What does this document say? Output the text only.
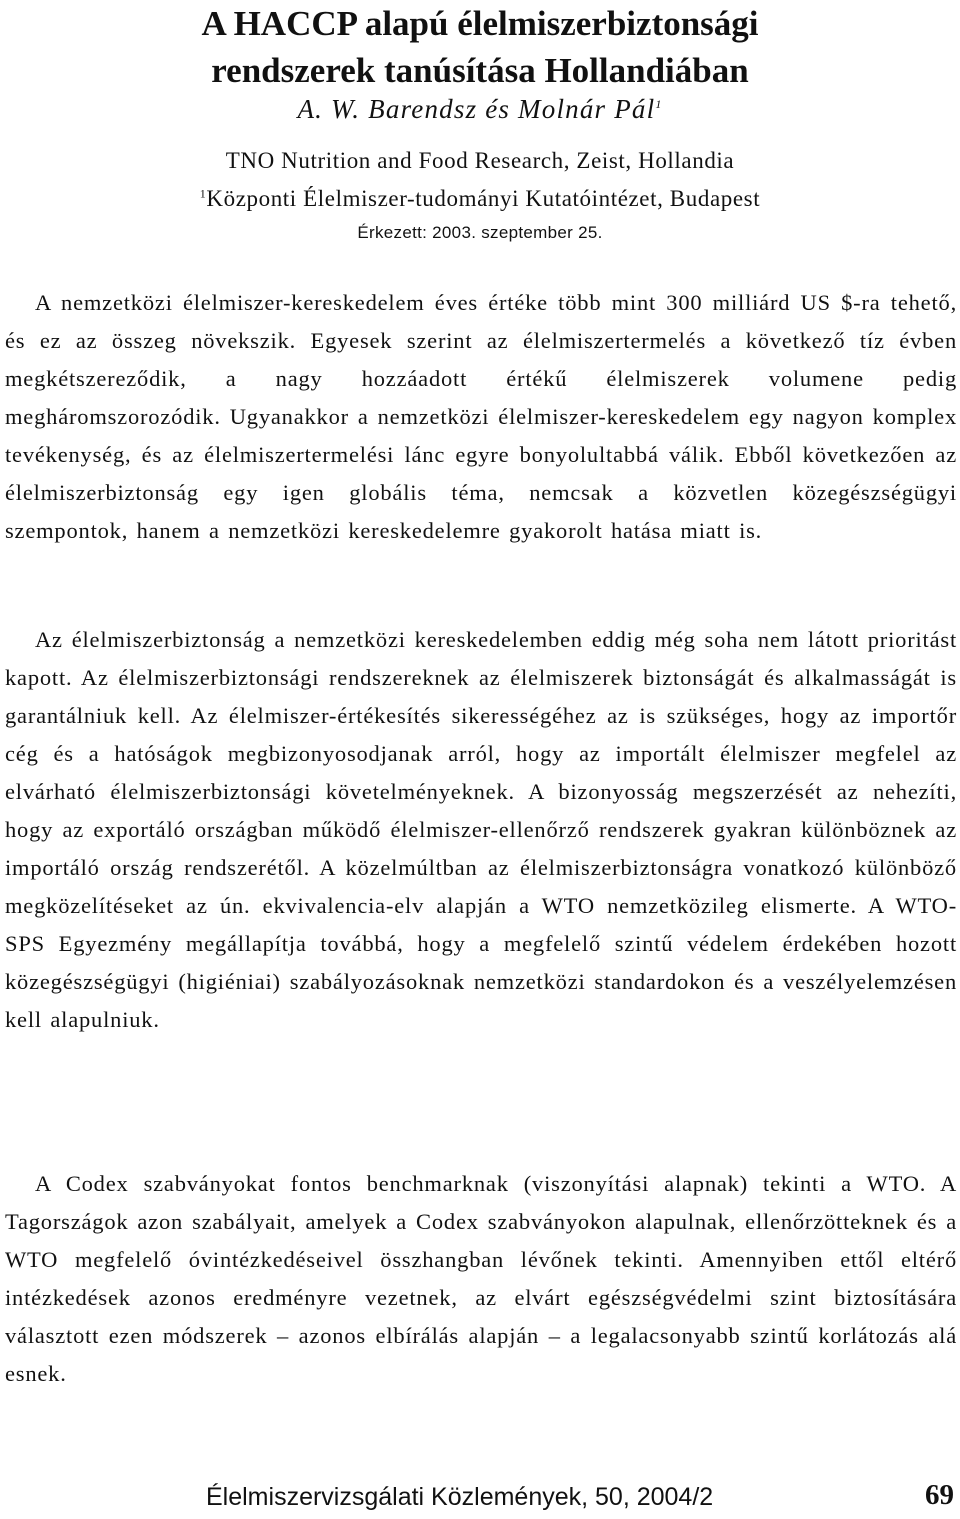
A HACCP alapú élelmiszerbiztonsági
rendszerek tanúsítása Hollandiában
A. W. Barendsz és Molnár Pál$^1$
TNO Nutrition and Food Research, Zeist, Hollandia
$^1$Központi Élelmiszer-tudományi Kutatóintézet, Budapest
Érkezett: 2003. szeptember 25.

A nemzetközi élelmiszer-kereskedelem éves értéke több mint 300 milliárd US $-ra tehető, és ez az összeg növekszik. Egyesek szerint az élelmiszertermelés a következő tíz évben megkétszereződik, a nagy hozzáadott értékű élelmiszerek volumene pedig megháromszorozódik. Ugyanakkor a nemzetközi élelmiszer-kereskedelem egy nagyon komplex tevékenység, és az élelmiszertermelési lánc egyre bonyolultabbá válik. Ebből következően az élelmiszerbiztonság egy igen globális téma, nemcsak a közvetlen közegészségügyi szempontok, hanem a nemzetközi kereskedelemre gyakorolt hatása miatt is.

Az élelmiszerbiztonság a nemzetközi kereskedelemben eddig még soha nem látott prioritást kapott. Az élelmiszerbiztonsági rendszereknek az élelmiszerek biztonságát és alkalmasságát is garantálniuk kell. Az élelmiszer-értékesítés sikerességéhez az is szükséges, hogy az importőr cég és a hatóságok megbizonyosodjanak arról, hogy az importált élelmiszer megfelel az elvárható élelmiszerbiztonsági követelményeknek. A bizonyosság megszerzését az nehezíti, hogy az exportáló országban működő élelmiszer-ellenőrző rendszerek gyakran különböznek az importáló ország rendszerétől. A közelmúltban az élelmiszerbiztonságra vonatkozó különböző megközelítéseket az ún. ekvivalencia-elv alapján a WTO nemzetközileg elismerte. A WTO-SPS Egyezmény megállapítja továbbá, hogy a megfelelő szintű védelem érdekében hozott közegészségügyi (higiéniai) szabályozásoknak nemzetközi standardokon és a veszélyelemzésen kell alapulniuk.

A Codex szabványokat fontos benchmarknak (viszonyítási alapnak) tekinti a WTO. A Tagországok azon szabályait, amelyek a Codex szabványokon alapulnak, ellenőrzötteknek és a WTO megfelelő óvintézkedéseivel összhangban lévőnek tekinti. Amennyiben ettől eltérő intézkedések azonos eredményre vezetnek, az elvárt egészségvédelmi szint biztosítására választott ezen módszerek – azonos elbírálás alapján – a legalacsonyabb szintű korlátozás alá esnek.

Élelmiszervizsgálati Közlemények, 50, 2004/2	69
